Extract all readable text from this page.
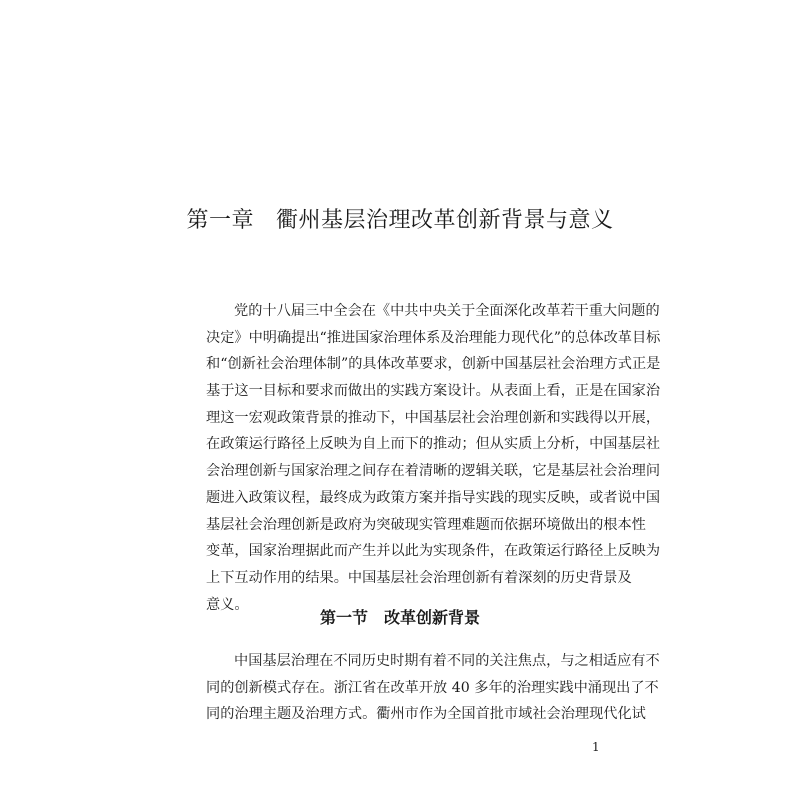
第一章 衢州基层治理改革创新背景与意义
党的十八届三中全会在《中共中央关于全面深化改革若干重大问题的
决定》中明确提出“推进国家治理体系及治理能力现代化”的总体改革目标
和“创新社会治理体制”的具体改革要求，创新中国基层社会治理方式正是
基于这一目标和要求而做出的实践方案设计。从表面上看，正是在国家治
理这一宏观政策背景的推动下，中国基层社会治理创新和实践得以开展，
在政策运行路径上反映为自上而下的推动；但从实质上分析，中国基层社
会治理创新与国家治理之间存在着清晰的逻辑关联，它是基层社会治理问
题进入政策议程，最终成为政策方案并指导实践的现实反映，或者说中国
基层社会治理创新是政府为突破现实管理难题而依据环境做出的根本性
变革，国家治理据此而产生并以此为实现条件，在政策运行路径上反映为
上下互动作用的结果。中国基层社会治理创新有着深刻的历史背景及
意义。
第一节 改革创新背景
中国基层治理在不同历史时期有着不同的关注焦点，与之相适应有不
同的创新模式存在。浙江省在改革开放 40 多年的治理实践中涌现出了不
同的治理主题及治理方式。衢州市作为全国首批市域社会治理现代化试
1
